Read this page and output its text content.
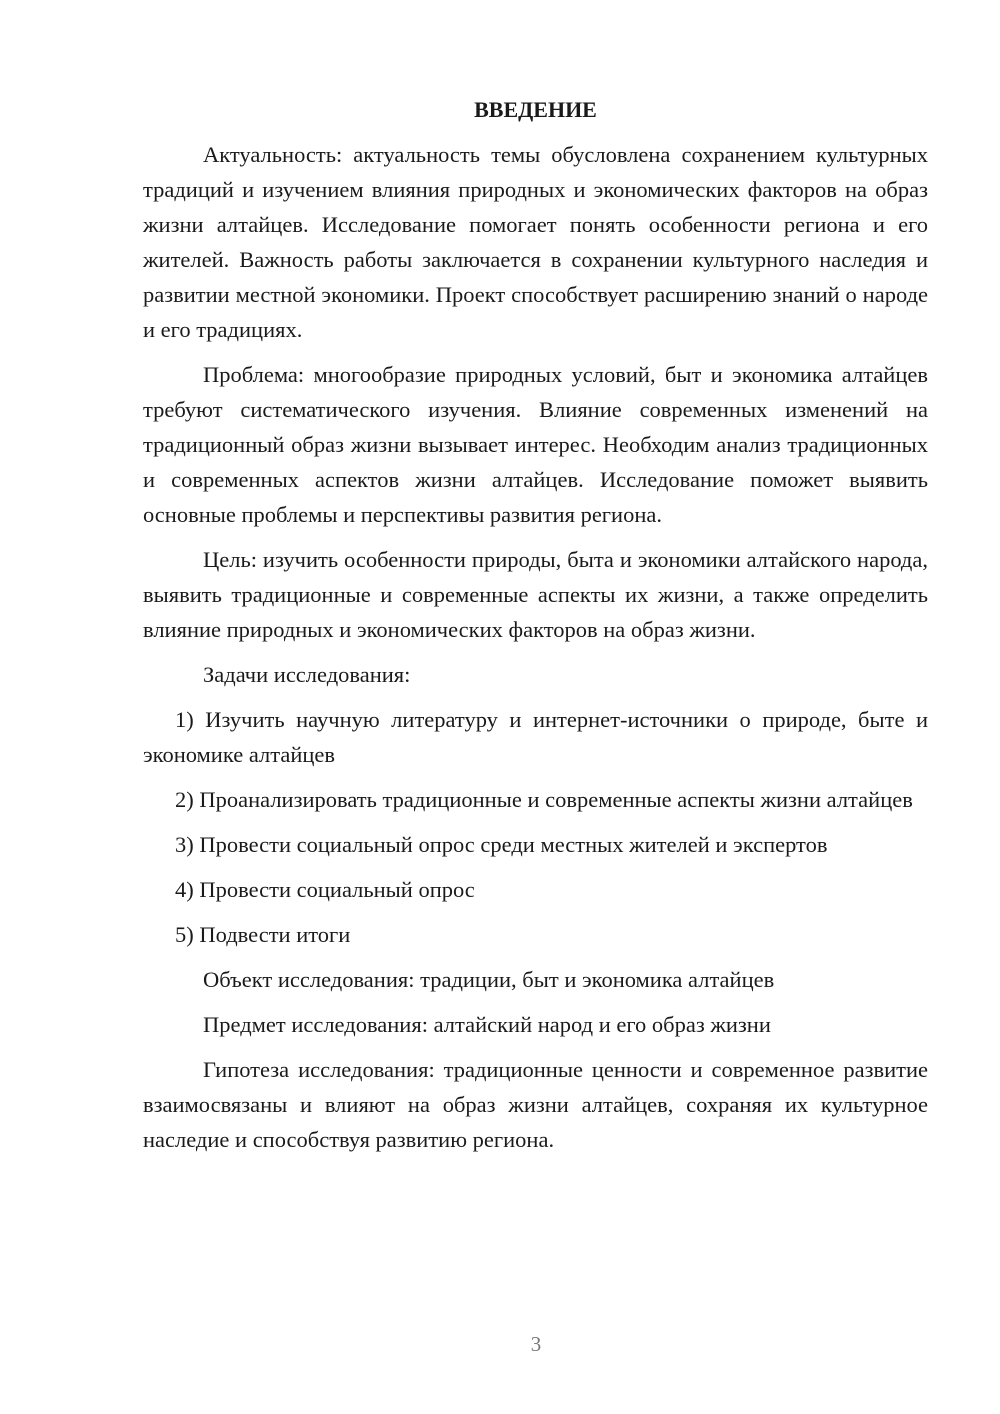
ВВЕДЕНИЕ

Актуальность: актуальность темы обусловлена сохранением культурных традиций и изучением влияния природных и экономических факторов на образ жизни алтайцев. Исследование помогает понять особенности региона и его жителей. Важность работы заключается в сохранении культурного наследия и развитии местной экономики. Проект способствует расширению знаний о народе и его традициях.

Проблема: многообразие природных условий, быт и экономика алтайцев требуют систематического изучения. Влияние современных изменений на традиционный образ жизни вызывает интерес. Необходим анализ традиционных и современных аспектов жизни алтайцев. Исследование поможет выявить основные проблемы и перспективы развития региона.

Цель: изучить особенности природы, быта и экономики алтайского народа, выявить традиционные и современные аспекты их жизни, а также определить влияние природных и экономических факторов на образ жизни.

Задачи исследования:

1) Изучить научную литературу и интернет-источники о природе, быте и экономике алтайцев

2) Проанализировать традиционные и современные аспекты жизни алтайцев

3) Провести социальный опрос среди местных жителей и экспертов

4) Провести социальный опрос

5) Подвести итоги

Объект исследования: традиции, быт и экономика алтайцев

Предмет исследования: алтайский народ и его образ жизни

Гипотеза исследования: традиционные ценности и современное развитие взаимосвязаны и влияют на образ жизни алтайцев, сохраняя их культурное наследие и способствуя развитию региона.

3
